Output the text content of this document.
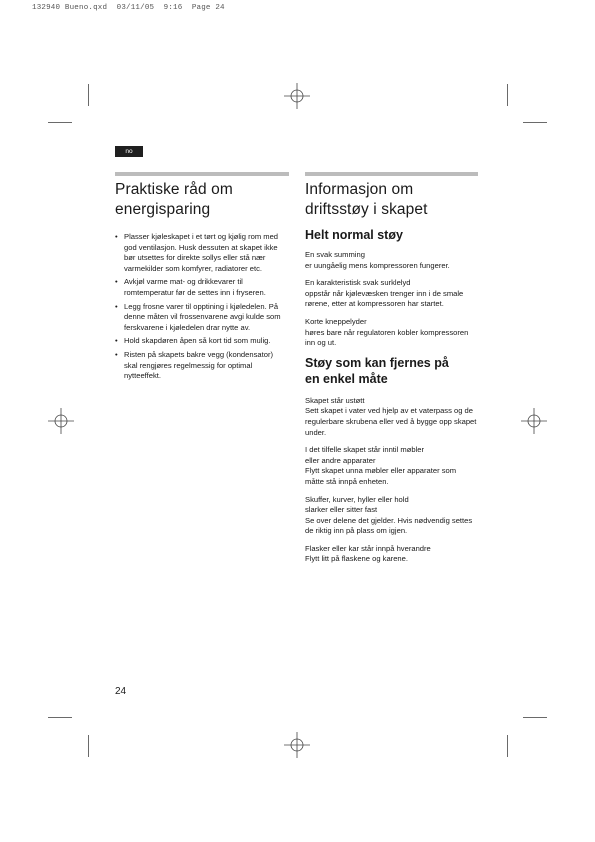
132940 Bueno.qxd  03/11/05  9:16  Page 24
no
Praktiske råd om
energisparing
• Plasser kjøleskapet i et tørt og kjølig rom med god ventilasjon. Husk dessuten at skapet ikke bør utsettes for direkte sollys eller stå nær varmekilder som komfyrer, radiatorer etc.
• Avkjøl varme mat- og drikkevarer til romtemperatur før de settes inn i fryseren.
• Legg frosne varer til opptining i kjøledelen. På denne måten vil frossenvarene avgi kulde som ferskvarene i kjøledelen drar nytte av.
• Hold skapdøren åpen så kort tid som mulig.
• Risten på skapets bakre vegg (kondensator) skal rengjøres regelmessig for optimal nytteeffekt.
Informasjon om
driftsstøy i skapet
Helt normal støy

En svak summing
er uungåelig mens kompressoren fungerer.

En karakteristisk svak surklelyd
oppstår når kjølevæsken trenger inn i de smale rørene, etter at kompressoren har startet.

Korte kneppelyder
høres bare når regulatoren kobler kompressoren inn og ut.

Støy som kan fjernes på
en enkel måte

Skapet står ustøtt
Sett skapet i vater ved hjelp av et vaterpass og de regulerbare skrubena eller ved å bygge opp skapet under.

I det tilfelle skapet står inntil møbler
eller andre apparater
Flytt skapet unna møbler eller apparater som måtte stå innpå enheten.

Skuffer, kurver, hyller eller hold
slarker eller sitter fast
Se over delene det gjelder. Hvis nødvendig settes de riktig inn på plass om igjen.

Flasker eller kar står innpå hverandre
Flytt litt på flaskene og karene.

24
